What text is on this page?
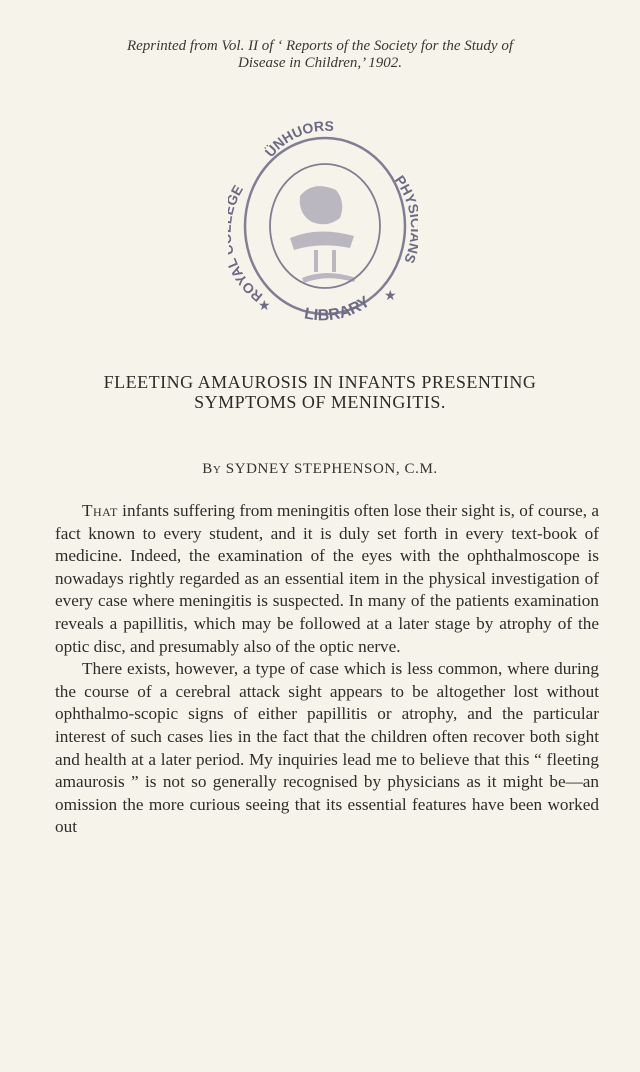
Reprinted from Vol. II of ‘ Reports of the Society for the Study of
Disease in Children,’ 1902.
ÜNHUORS
ROYA E
PHY S
LIBRARY
★
★
FLEETING AMAUROSIS IN INFANTS PRESENTING
SYMPTOMS OF MENINGITIS.
By SYDNEY STEPHENSON, C.M.

That infants suffering from meningitis often lose their sight is, of course, a fact known to every student, and it is duly set forth in every text-book of medicine. Indeed, the examination of the eyes with the ophthalmoscope is nowadays rightly regarded as an essential item in the physical investigation of every case where meningitis is suspected. In many of the patients examination reveals a papillitis, which may be followed at a later stage by atrophy of the optic disc, and presumably also of the optic nerve.

There exists, however, a type of case which is less common, where during the course of a cerebral attack sight appears to be altogether lost without ophthalmo-scopic signs of either papillitis or atrophy, and the particular interest of such cases lies in the fact that the children often recover both sight and health at a later period. My inquiries lead me to believe that this “ fleeting amaurosis ” is not so generally recognised by physicians as it might be—an omission the more curious seeing that its essential features have been worked out
